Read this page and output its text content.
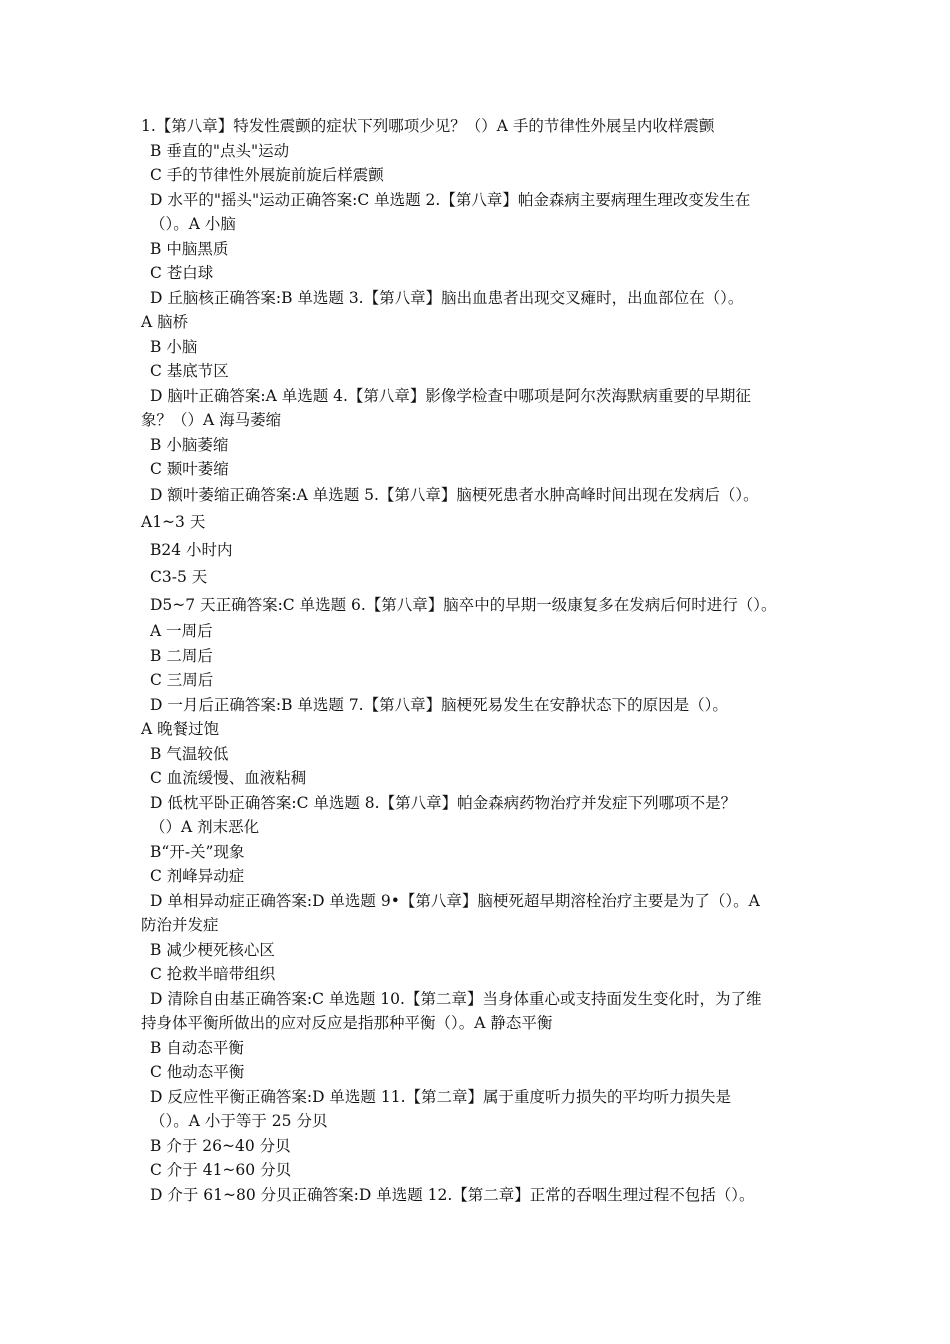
1.【第八章】特发性震颤的症状下列哪项少见？（）A 手的节律性外展呈内收样震颤
B 垂直的"点头"运动
C 手的节律性外展旋前旋后样震颤
D 水平的"摇头"运动正确答案:C 单选题 2.【第八章】帕金森病主要病理生理改变发生在
（）。A 小脑
B 中脑黑质
C 苍白球
D 丘脑核正确答案:B 单选题 3.【第八章】脑出血患者出现交叉瘫时，出血部位在（）。
A 脑桥
B 小脑
C 基底节区
D 脑叶正确答案:A 单选题 4.【第八章】影像学检查中哪项是阿尔茨海默病重要的早期征
象？（）A 海马萎缩
B 小脑萎缩
C 颞叶萎缩
D 额叶萎缩正确答案:A 单选题 5.【第八章】脑梗死患者水肿高峰时间出现在发病后（）。
A1~3 天
B24 小时内
C3-5 天
D5~7 天正确答案:C 单选题 6.【第八章】脑卒中的早期一级康复多在发病后何时进行（）。
A 一周后
B 二周后
C 三周后
D 一月后正确答案:B 单选题 7.【第八章】脑梗死易发生在安静状态下的原因是（）。
A 晚餐过饱
B 气温较低
C 血流缓慢、血液粘稠
D 低枕平卧正确答案:C 单选题 8.【第八章】帕金森病药物治疗并发症下列哪项不是？
（）A 剂末恶化
B“开-关”现象
C 剂峰异动症
D 单相异动症正确答案:D 单选题 9•【第八章】脑梗死超早期溶栓治疗主要是为了（）。A
防治并发症
B 减少梗死核心区
C 抢救半暗带组织
D 清除自由基正确答案:C 单选题 10.【第二章】当身体重心或支持面发生变化时，为了维
持身体平衡所做出的应对反应是指那种平衡（）。A 静态平衡
B 自动态平衡
C 他动态平衡
D 反应性平衡正确答案:D 单选题 11.【第二章】属于重度听力损失的平均听力损失是
（）。A 小于等于 25 分贝
B 介于 26~40 分贝
C 介于 41~60 分贝
D 介于 61~80 分贝正确答案:D 单选题 12.【第二章】正常的吞咽生理过程不包括（）。
